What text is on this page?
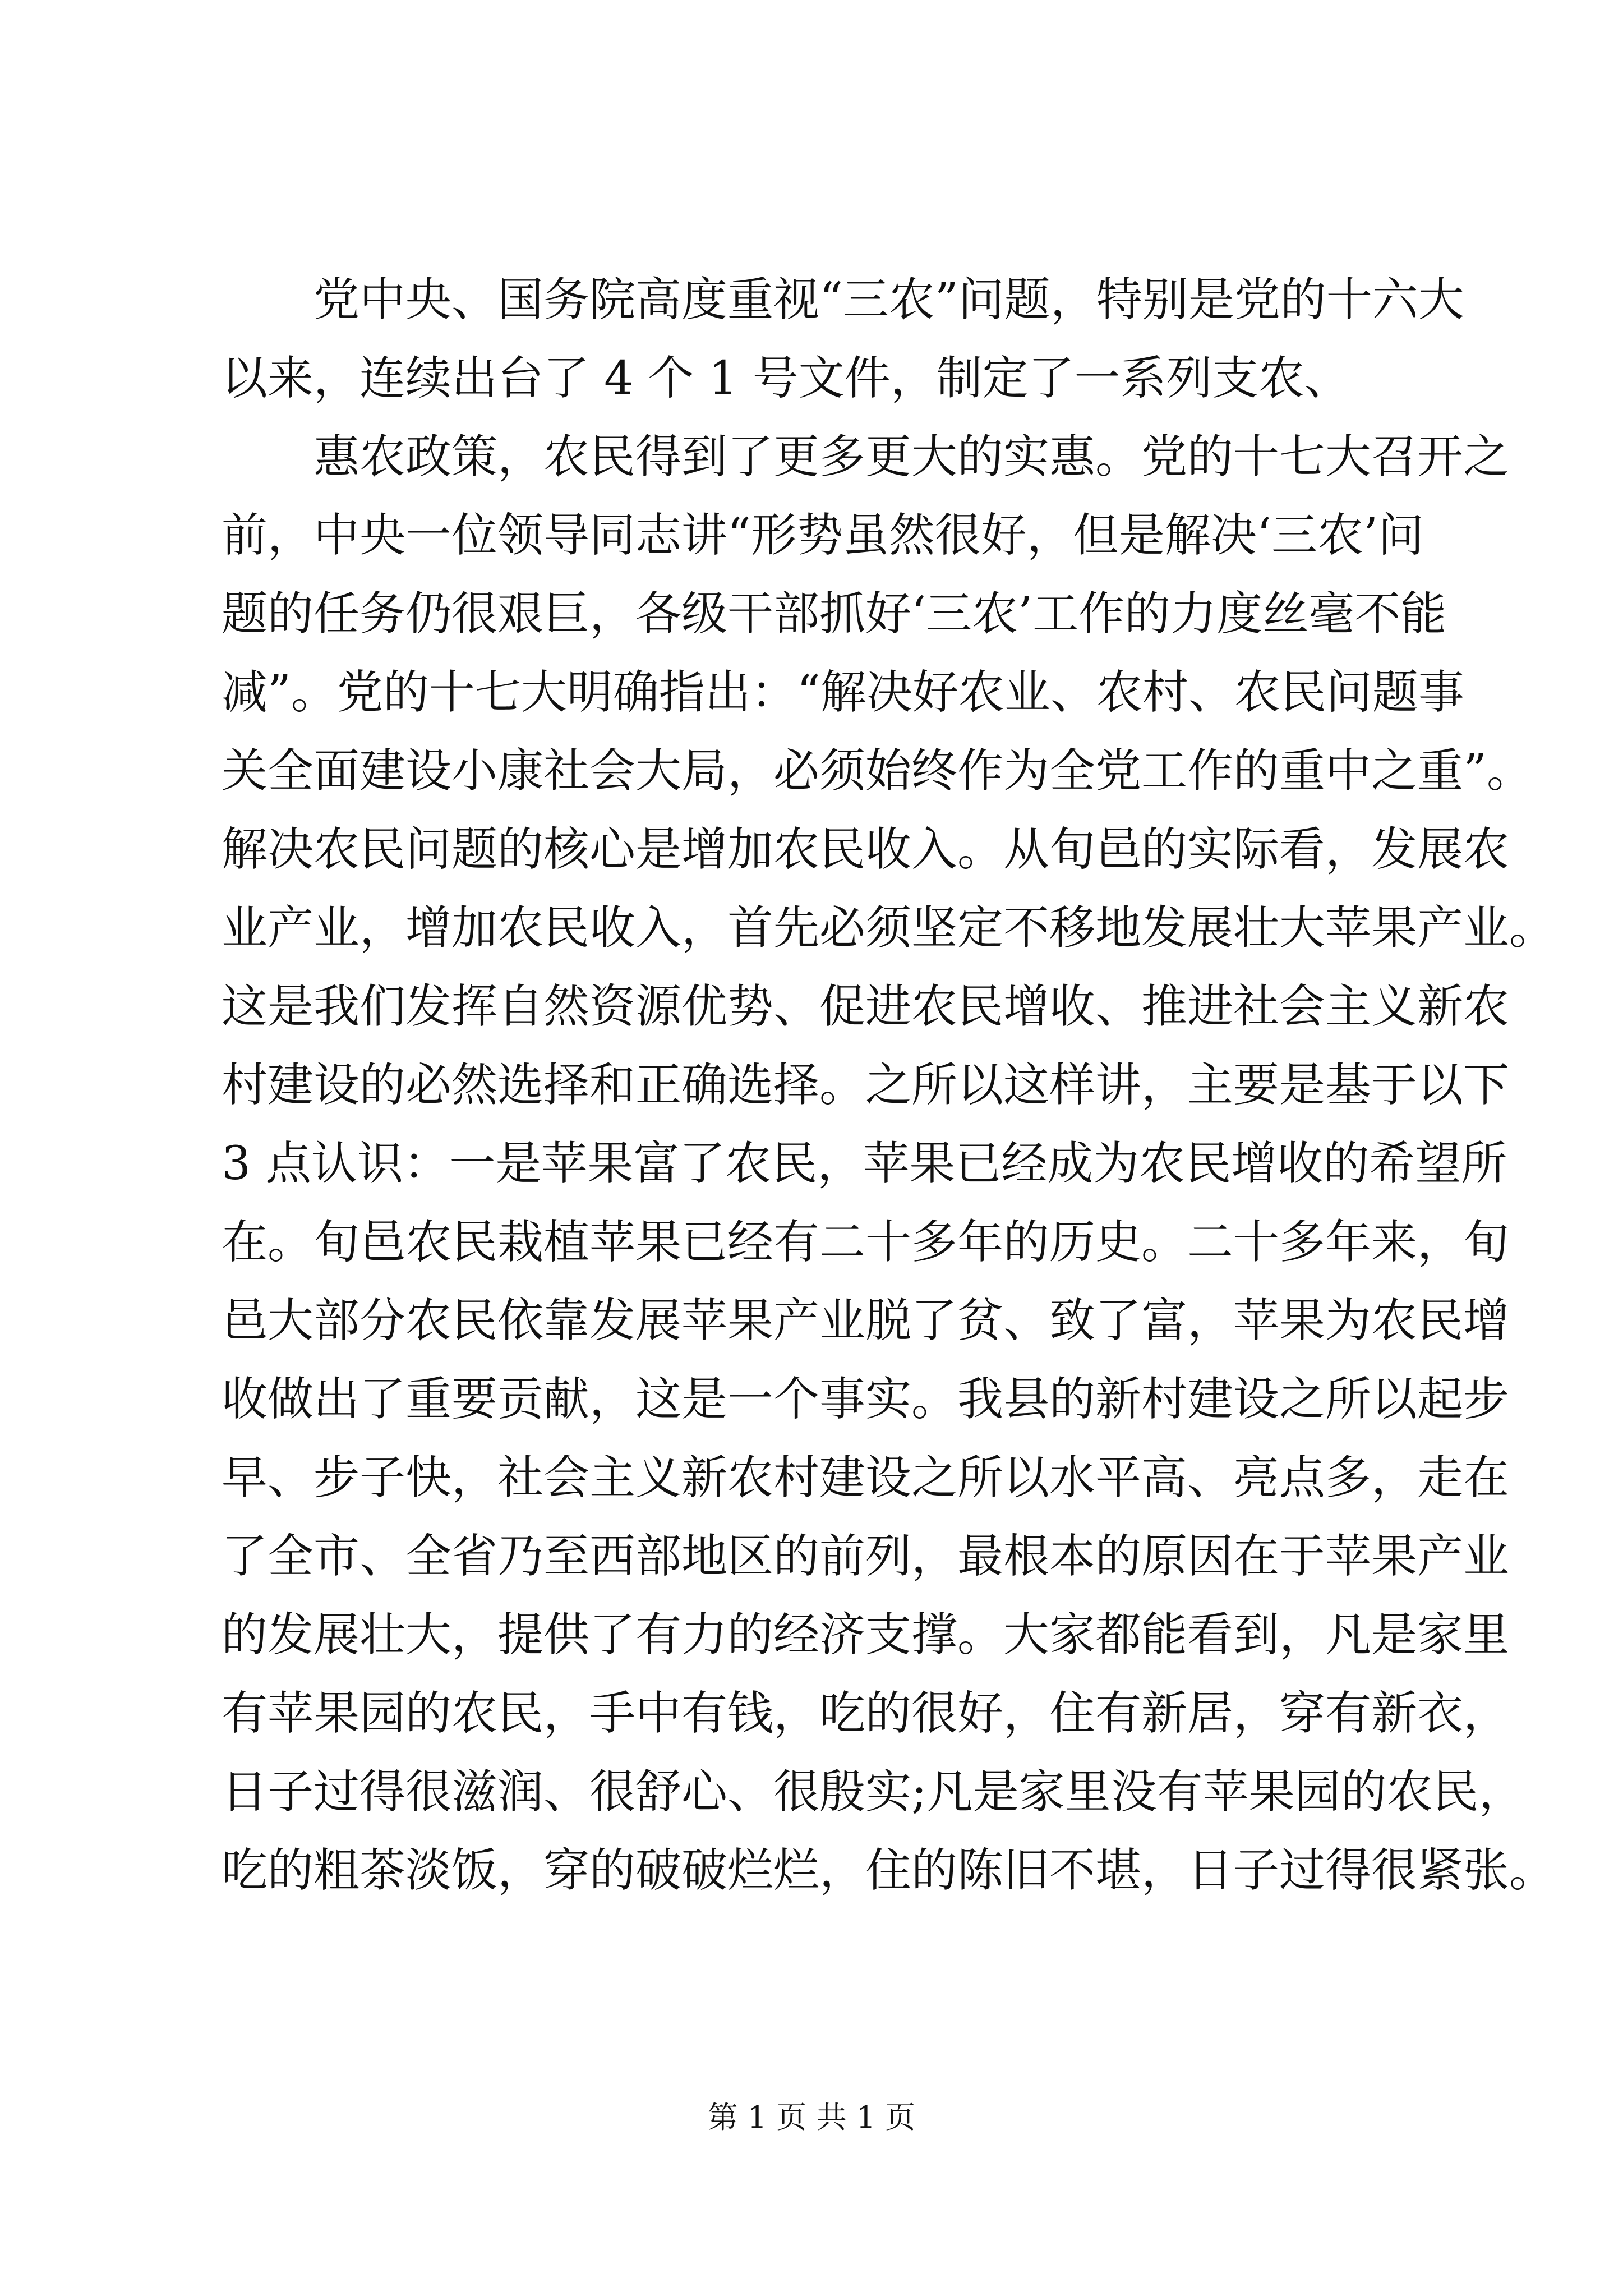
　　党中央、国务院高度重视“三农”问题，特别是党的十六大
以来，连续出台了 4 个 1 号文件，制定了一系列支农、
　　惠农政策，农民得到了更多更大的实惠。党的十七大召开之
前，中央一位领导同志讲“形势虽然很好，但是解决‘三农’问
题的任务仍很艰巨，各级干部抓好‘三农’工作的力度丝毫不能
减”。党的十七大明确指出：“解决好农业、农村、农民问题事
关全面建设小康社会大局，必须始终作为全党工作的重中之重”。
解决农民问题的核心是增加农民收入。从旬邑的实际看，发展农
业产业，增加农民收入，首先必须坚定不移地发展壮大苹果产业。
这是我们发挥自然资源优势、促进农民增收、推进社会主义新农
村建设的必然选择和正确选择。之所以这样讲，主要是基于以下
3 点认识：一是苹果富了农民，苹果已经成为农民增收的希望所
在。旬邑农民栽植苹果已经有二十多年的历史。二十多年来，旬
邑大部分农民依靠发展苹果产业脱了贫、致了富，苹果为农民增
收做出了重要贡献，这是一个事实。我县的新村建设之所以起步
早、步子快，社会主义新农村建设之所以水平高、亮点多，走在
了全市、全省乃至西部地区的前列，最根本的原因在于苹果产业
的发展壮大，提供了有力的经济支撑。大家都能看到，凡是家里
有苹果园的农民，手中有钱，吃的很好，住有新居，穿有新衣，
日子过得很滋润、很舒心、很殷实;凡是家里没有苹果园的农民，
吃的粗茶淡饭，穿的破破烂烂，住的陈旧不堪，日子过得很紧张。
第 1 页 共 1 页
